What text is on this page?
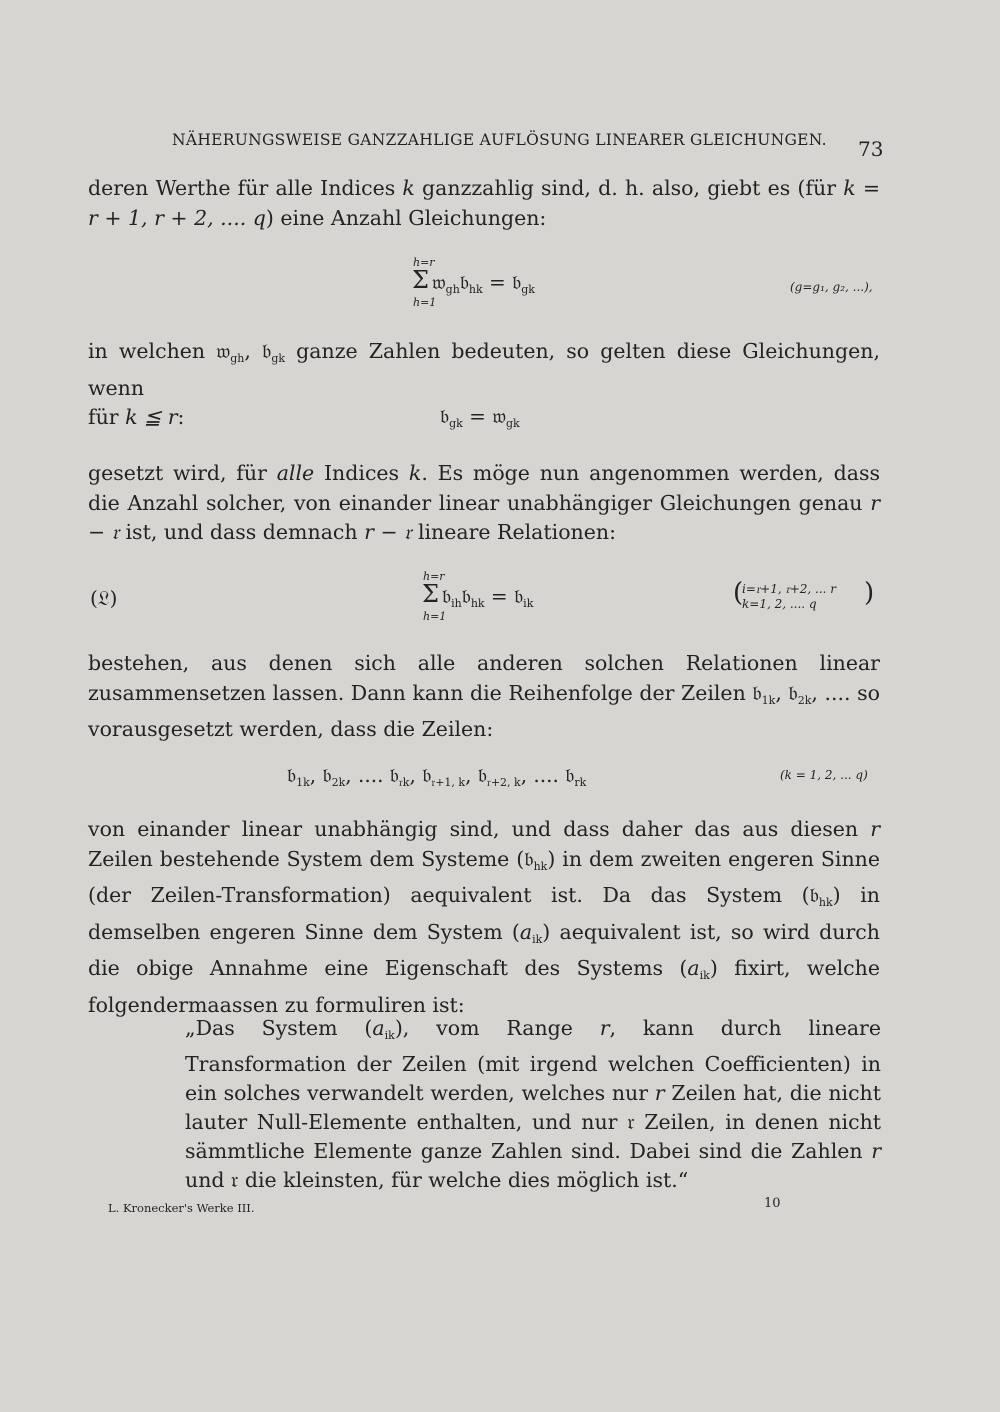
NÄHERUNGSWEISE GANZZAHLIGE AUFLÖSUNG LINEARER GLEICHUNGEN. 73
deren Werthe für alle Indices k ganzzahlig sind, d. h. also, giebt es (für k = r + 1, r + 2, .... q) eine Anzahl Gleichungen:
h=r
Σ
h=1
𝔴$_{gh}$𝔟$_{hk}$ = 𝔟$_{gk}$	(g=g₁, g₂, ...),
in welchen 𝔴$_{gh}$, 𝔟$_{gk}$ ganze Zahlen bedeuten, so gelten diese Gleichungen, wenn
für k ≦ r:	𝔟$_{gk}$ = 𝔴$_{gk}$
gesetzt wird, für alle Indices k. Es möge nun angenommen werden, dass die Anzahl solcher, von einander linear unabhängiger Gleichungen genau r − 𝔯 ist, und dass demnach r − 𝔯 lineare Relationen:
(𝔏)
h=r
Σ
h=1
𝔟$_{ih}$𝔟$_{hk}$ = 𝔟$_{ik}$	(
i=𝔯+1, 𝔯+2, ... r
k=1, 2, .... q	)
bestehen, aus denen sich alle anderen solchen Relationen linear zusammensetzen lassen. Dann kann die Reihenfolge der Zeilen 𝔟$_{1k}$, 𝔟$_{2k}$, .... so vorausgesetzt werden, dass die Zeilen:
𝔟$_{1k}$, 𝔟$_{2k}$, .... 𝔟$_{𝔯k}$, 𝔟$_{𝔯+1, k}$, 𝔟$_{𝔯+2, k}$, .... 𝔟$_{rk}$
(k = 1, 2, ... q)
von einander linear unabhängig sind, und dass daher das aus diesen r Zeilen bestehende System dem Systeme (𝔟$_{hk}$) in dem zweiten engeren Sinne (der Zeilen-Transformation) aequivalent ist. Da das System (𝔟$_{hk}$) in demselben engeren Sinne dem System $(a_{ik})$ aequivalent ist, so wird durch die obige Annahme eine Eigenschaft des Systems $(a_{ik})$ fixirt, welche folgendermaassen zu formuliren ist:
„Das System $(a_{ik})$, vom Range r, kann durch lineare Transformation der Zeilen (mit irgend welchen Coefficienten) in ein solches verwandelt werden, welches nur r Zeilen hat, die nicht lauter Null-Elemente enthalten, und nur 𝔯 Zeilen, in denen nicht sämmtliche Elemente ganze Zahlen sind. Dabei sind die Zahlen r und 𝔯 die kleinsten, für welche dies möglich ist.“
L. Kronecker's Werke III.	10
